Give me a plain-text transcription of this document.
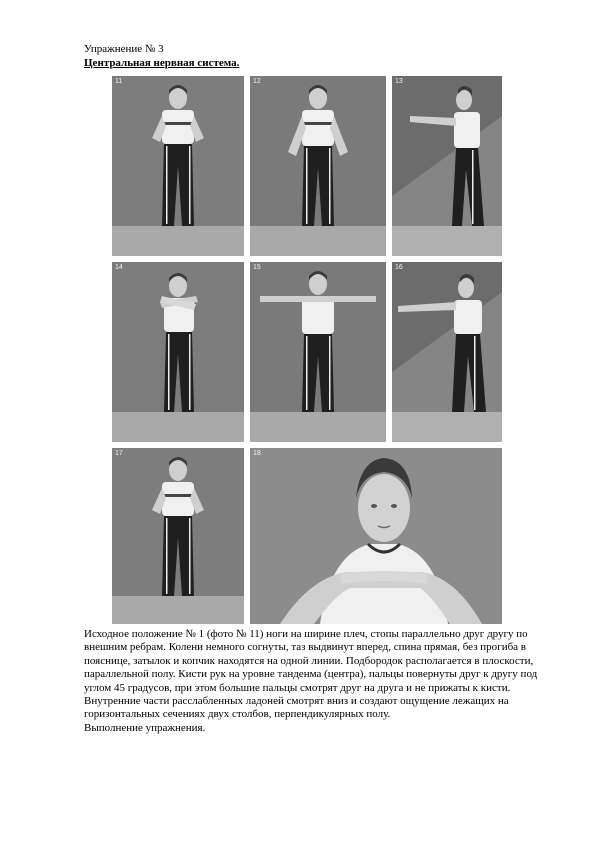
Упражнение № 3
Центральная нервная система.
11	12	13
14	15	16
17	18

Исходное положение № 1 (фото № 11) ноги на ширине плеч, стопы параллельно друг другу по внешним ребрам. Колени немного согнуты, таз выдвинут вперед, спина прямая, без прогиба в пояснице, затылок и копчик находятся на одной линии. Подбородок располагается в плоскости, параллельной полу. Кисти рук на уровне танденма (центра), пальцы повернуты друг к другу под углом 45 градусов, при этом большие пальцы смотрят друг на друга и не прижаты к кисти. Внутренние части расслабленных ладоней смотрят вниз и создают ощущение лежащих на горизонтальных сечениях двух столбов, перпендикулярных полу.

Выполнение упражнения.
